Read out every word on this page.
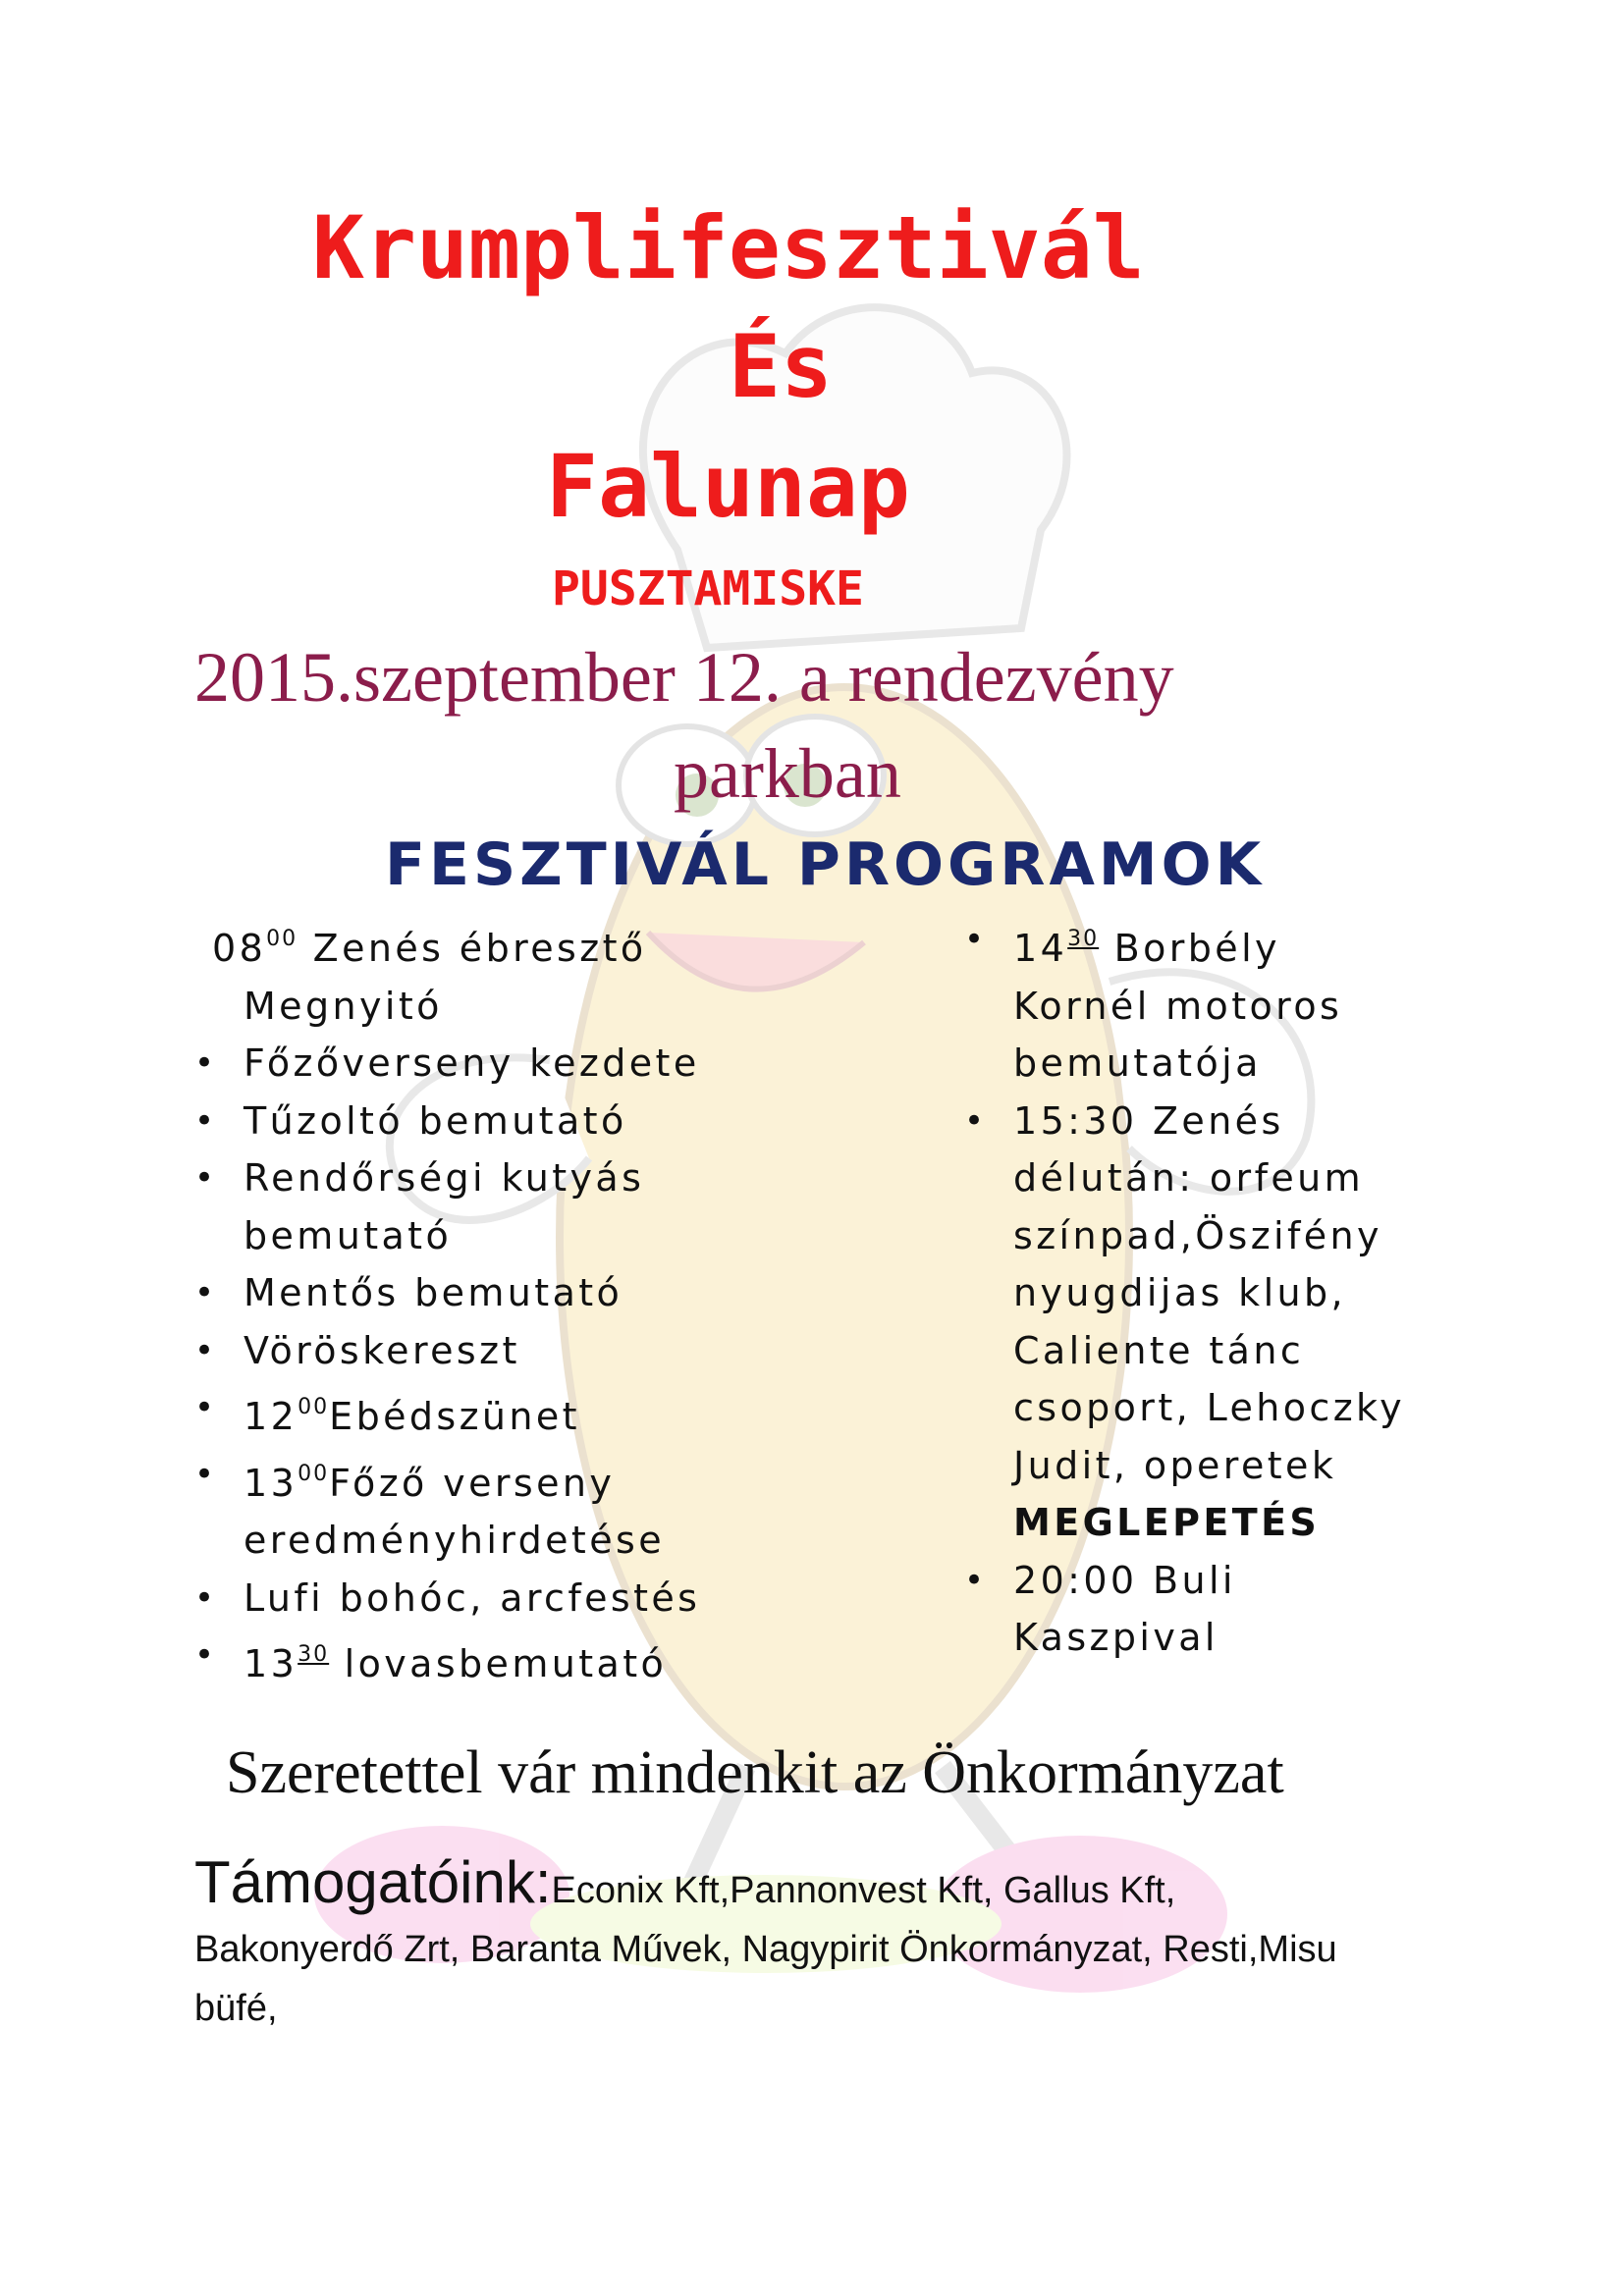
Krumplifesztivál
És
Falunap
PUSZTAMISKE
2015.szeptember 12. a rendezvény
parkban
FESZTIVÁL PROGRAMOK
$08^{00}$ Zenés ébresztő
Megnyitó
• Főzőverseny kezdete
• Tűzoltó bemutató
• Rendőrségi kutyás
bemutató
• Mentős bemutató
• Vöröskereszt
• $12^{00}Ebédszünet$
• $13^{00}Főző$ verseny
eredményhirdetése
• Lufi bohóc, arcfestés
• $13^{30}$ lovasbemutató
• $14^{30}$ Borbély
Kornél motoros
bemutatója
• 15:30 Zenés
délután: orfeum
színpad,Öszifény
nyugdijas klub,
Caliente tánc
csoport, Lehoczky
Judit, operetek
MEGLEPETÉS
• 20:00 Buli
Kaszpival
Szeretettel vár mindenkit az Önkormányzat
Támogatóink:Econix Kft,Pannonvest Kft, Gallus Kft,
Bakonyerdő Zrt, Baranta Művek, Nagypirit Önkormányzat, Resti,Misu
büfé,
